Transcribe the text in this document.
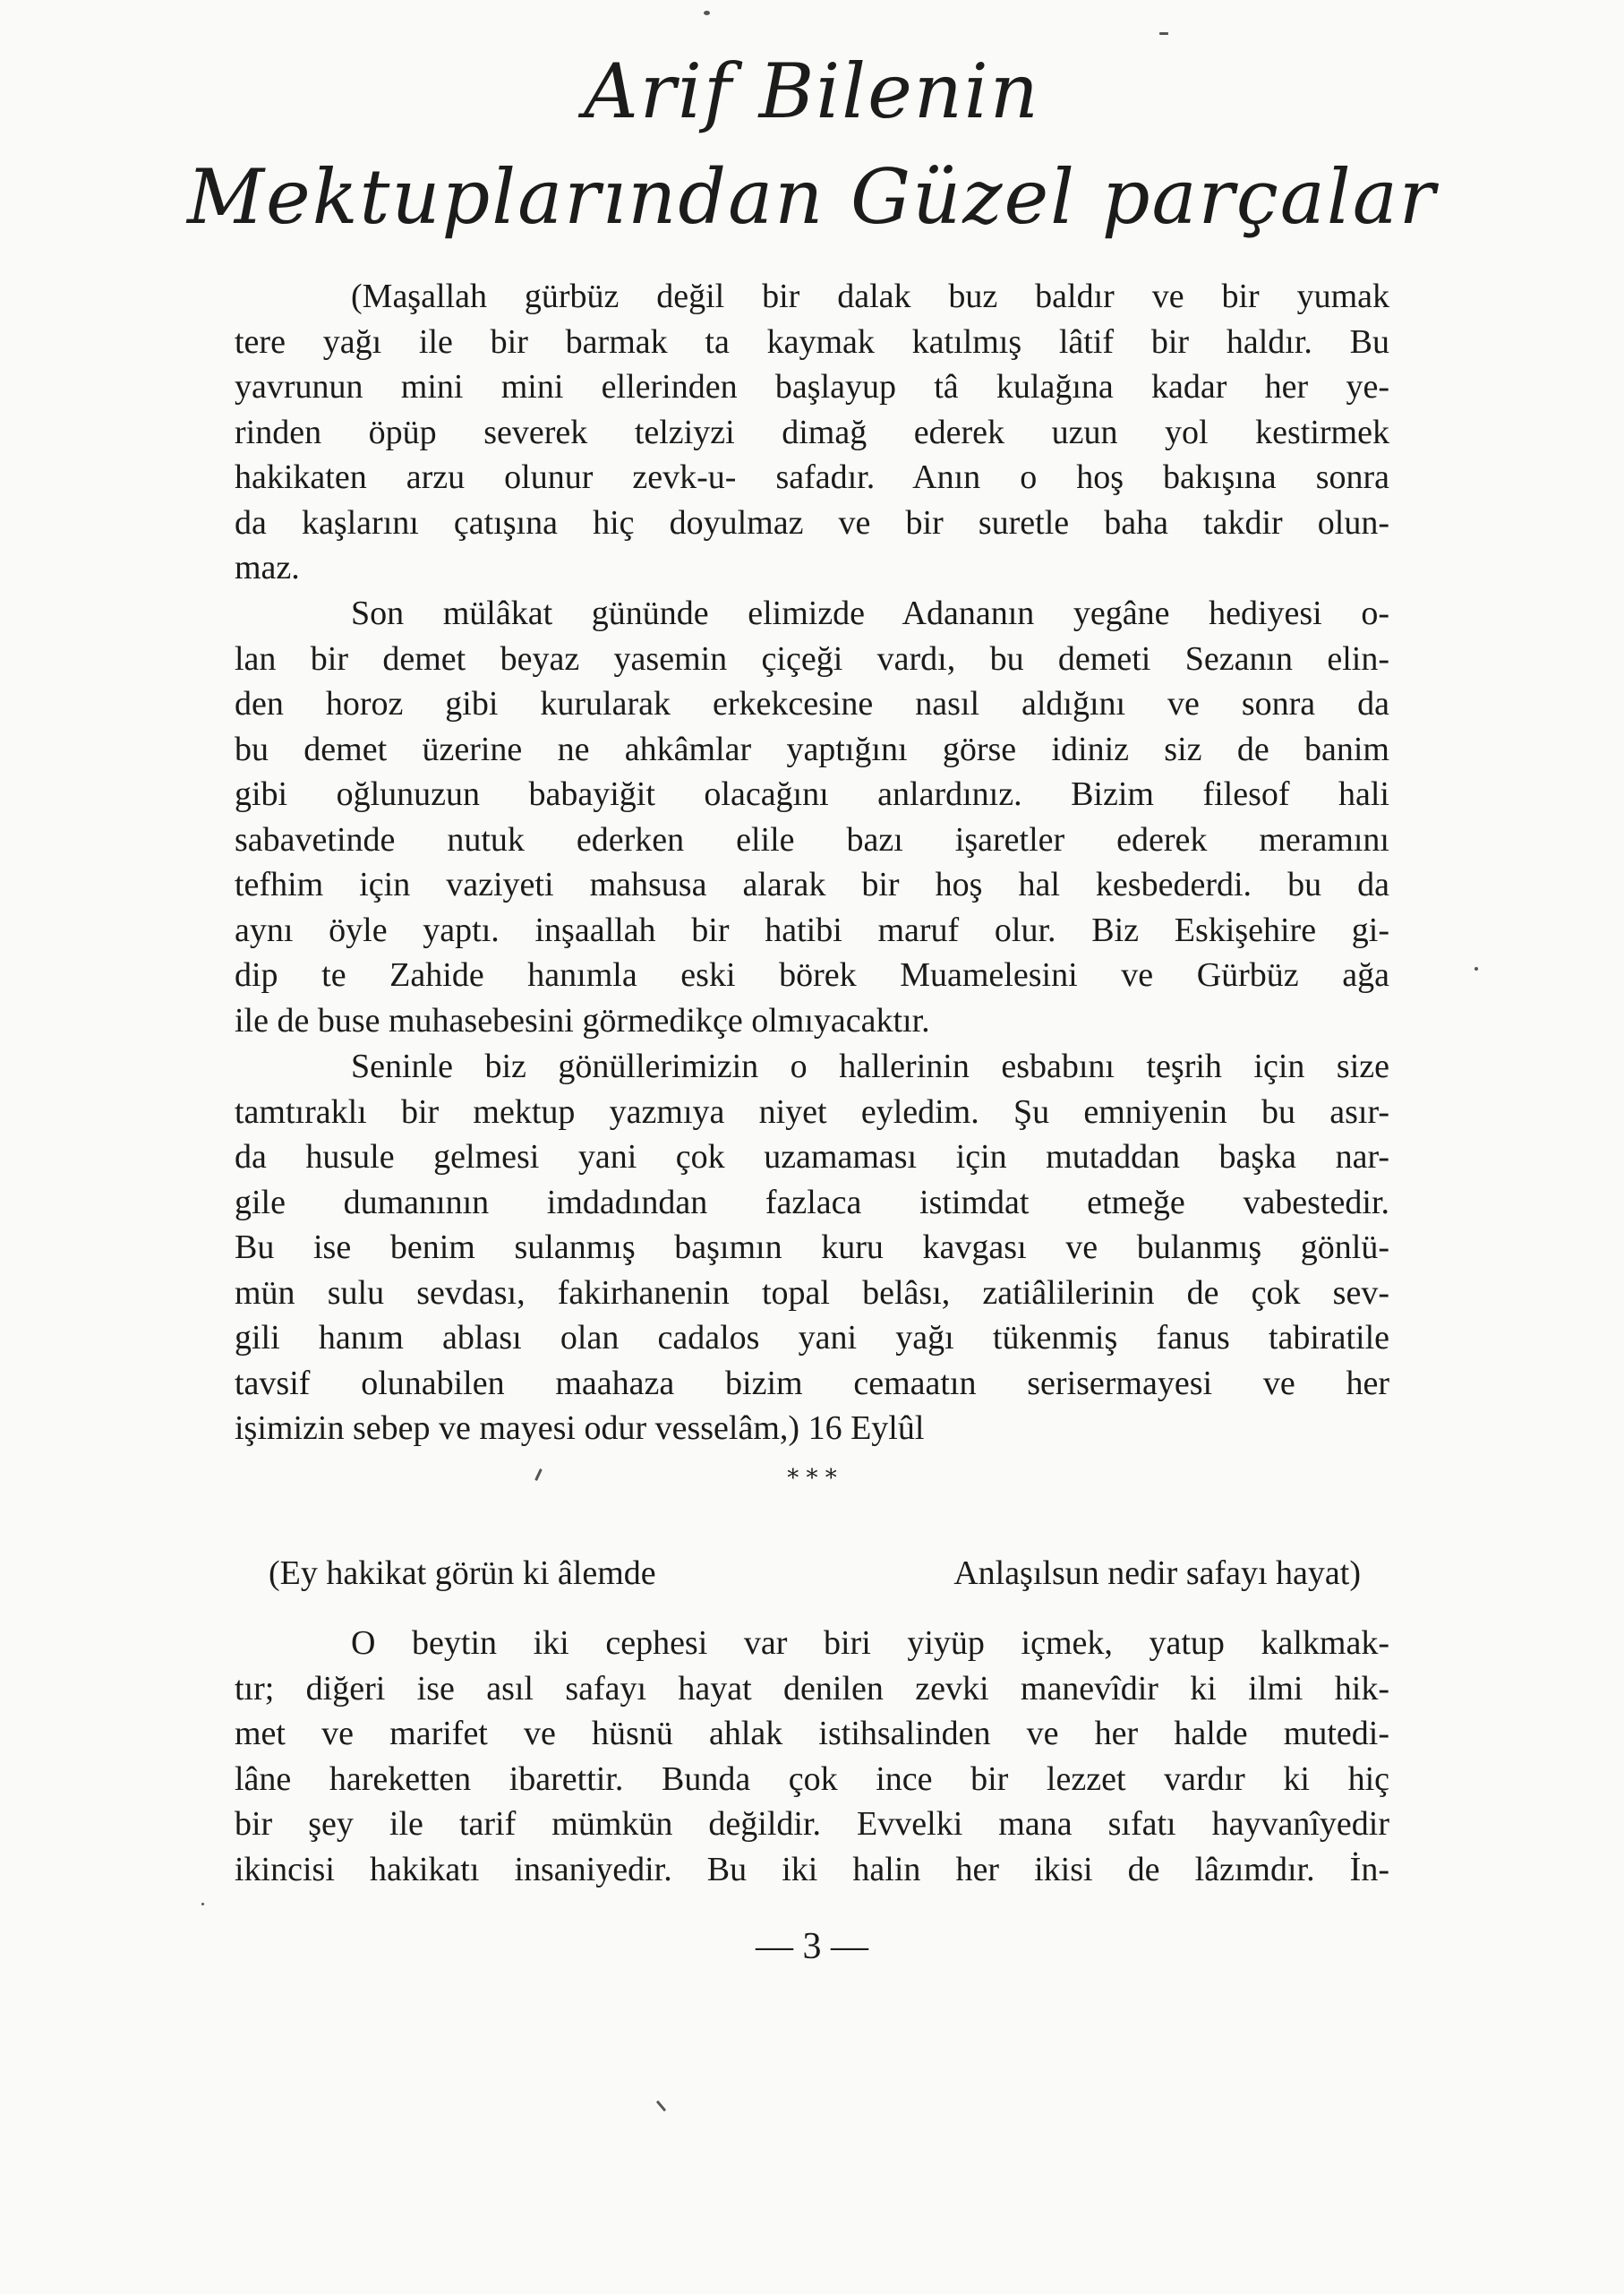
Arif Bilenin
Mektuplarından Güzel parçalar
(Maşallah gürbüz değil bir dalak buz baldır ve bir yumak
tere yağı ile bir barmak ta kaymak katılmış lâtif bir haldır. Bu
yavrunun mini mini ellerinden başlayup tâ kulağına kadar her ye-
rinden öpüp severek telziyzi dimağ ederek uzun yol kestirmek
hakikaten arzu olunur zevk-u- safadır. Anın o hoş bakışına sonra
da kaşlarını çatışına hiç doyulmaz ve bir suretle baha takdir olun-
maz.
Son mülâkat gününde elimizde Adananın yegâne hediyesi o-
lan bir demet beyaz yasemin çiçeği vardı, bu demeti Sezanın elin-
den horoz gibi kurularak erkekcesine nasıl aldığını ve sonra da
bu demet üzerine ne ahkâmlar yaptığını görse idiniz siz de banim
gibi oğlunuzun babayiğit olacağını anlardınız. Bizim filesof hali
sabavetinde nutuk ederken elile bazı işaretler ederek meramını
tefhim için vaziyeti mahsusa alarak bir hoş hal kesbederdi. bu da
aynı öyle yaptı. inşaallah bir hatibi maruf olur. Biz Eskişehire gi-
dip te Zahide hanımla eski börek Muamelesini ve Gürbüz ağa
ile de buse muhasebesini görmedikçe olmıyacaktır.
Seninle biz gönüllerimizin o hallerinin esbabını teşrih için size
tamtıraklı bir mektup yazmıya niyet eyledim. Şu emniyenin bu asır-
da husule gelmesi yani çok uzamaması için mutaddan başka nar-
gile dumanının imdadından fazlaca istimdat etmeğe vabestedir.
Bu ise benim sulanmış başımın kuru kavgası ve bulanmış gönlü-
mün sulu sevdası, fakirhanenin topal belâsı, zatiâlilerinin de çok sev-
gili hanım ablası olan cadalos yani yağı tükenmiş fanus tabiratile
tavsif olunabilen maahaza bizim cemaatın serisermayesi ve her
işimizin sebep ve mayesi odur vesselâm,) 16 Eylûl
* * *
(Ey hakikat görün ki âlemde	Anlaşılsun nedir safayı hayat)
O beytin iki cephesi var biri yiyüp içmek, yatup kalkmak-
tır; diğeri ise asıl safayı hayat denilen zevki manevîdir ki ilmi hik-
met ve marifet ve hüsnü ahlak istihsalinden ve her halde mutedi-
lâne hareketten ibarettir. Bunda çok ince bir lezzet vardır ki hiç
bir şey ile tarif mümkün değildir. Evvelki mana sıfatı hayvanîyedir
ikincisi hakikatı insaniyedir. Bu iki halin her ikisi de lâzımdır. İn-
— 3 —
